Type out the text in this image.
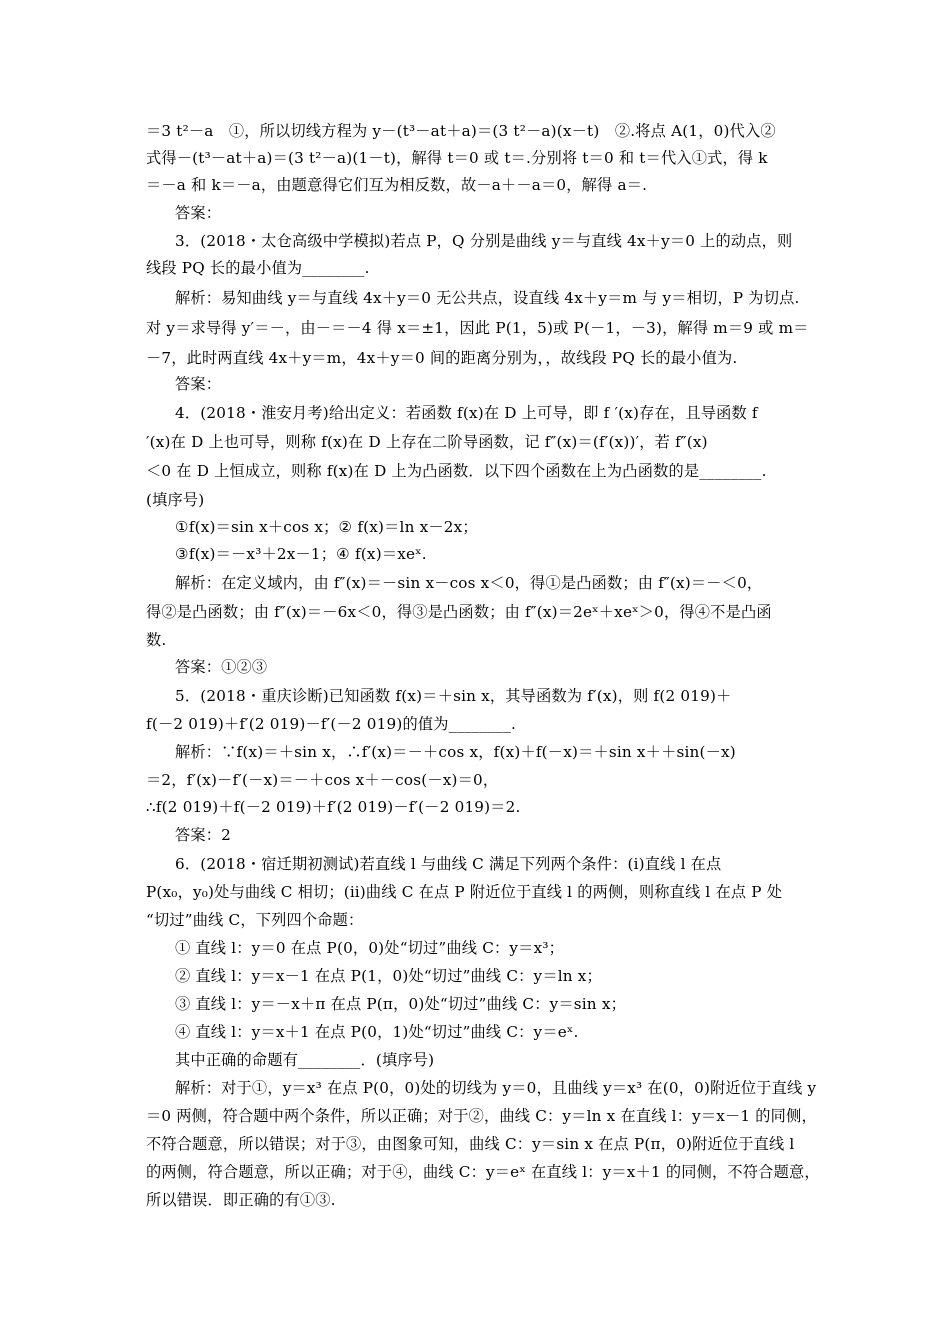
＝3 t²－a　①，所以切线方程为 y－(t³－at＋a)＝(3 t²－a)(x－t)　②.将点 A(1，0)代入②
式得－(t³－at＋a)＝(3 t²－a)(1－t)，解得 t＝0 或 t＝.分别将 t＝0 和 t＝代入①式，得 k
＝－a 和 k＝－a，由题意得它们互为相反数，故－a＋－a＝0，解得 a＝.
答案：
3．(2018・太仓高级中学模拟)若点 P，Q 分别是曲线 y＝与直线 4x＋y＝0 上的动点，则
线段 PQ 长的最小值为________.
解析：易知曲线 y＝与直线 4x＋y＝0 无公共点，设直线 4x＋y＝m 与 y＝相切，P 为切点.
对 y＝求导得 y′＝－，由－＝－4 得 x＝±1，因此 P(1，5)或 P(－1，－3)，解得 m＝9 或 m＝
－7，此时两直线 4x＋y＝m，4x＋y＝0 间的距离分别为，，故线段 PQ 长的最小值为.
答案：
4．(2018・淮安月考)给出定义：若函数 f(x)在 D 上可导，即 f ′(x)存在，且导函数 f
′(x)在 D 上也可导，则称 f(x)在 D 上存在二阶导函数，记 f″(x)＝(f′(x))′，若 f″(x)
＜0 在 D 上恒成立，则称 f(x)在 D 上为凸函数．以下四个函数在上为凸函数的是________.
(填序号)
①f(x)＝sin x＋cos x；② f(x)＝ln x－2x；
③f(x)＝－x³＋2x－1；④ f(x)＝xeˣ.
解析：在定义域内，由 f″(x)＝－sin x－cos x＜0，得①是凸函数；由 f″(x)＝－＜0，
得②是凸函数；由 f″(x)＝－6x＜0，得③是凸函数；由 f″(x)＝2eˣ＋xeˣ＞0，得④不是凸函
数.
答案：①②③
5．(2018・重庆诊断)已知函数 f(x)＝＋sin x，其导函数为 f′(x)，则 f(2 019)＋
f(－2 019)＋f′(2 019)－f′(－2 019)的值为________.
解析：∵f(x)＝＋sin x，∴f′(x)＝－＋cos x，f(x)＋f(－x)＝＋sin x＋＋sin(－x)
＝2，f′(x)－f′(－x)＝－＋cos x＋－cos(－x)＝0，
∴f(2 019)＋f(－2 019)＋f′(2 019)－f′(－2 019)＝2.
答案：2
6．(2018・宿迁期初测试)若直线 l 与曲线 C 满足下列两个条件：(ⅰ)直线 l 在点
P(x₀，y₀)处与曲线 C 相切；(ⅱ)曲线 C 在点 P 附近位于直线 l 的两侧，则称直线 l 在点 P 处
“切过”曲线 C，下列四个命题：
① 直线 l：y＝0 在点 P(0，0)处“切过”曲线 C：y＝x³；
② 直线 l：y＝x－1 在点 P(1，0)处“切过”曲线 C：y＝ln x；
③ 直线 l：y＝－x＋π 在点 P(π，0)处“切过”曲线 C：y＝sin x；
④ 直线 l：y＝x＋1 在点 P(0，1)处“切过”曲线 C：y＝eˣ.
其中正确的命题有________．(填序号)
解析：对于①，y＝x³ 在点 P(0，0)处的切线为 y＝0，且曲线 y＝x³ 在(0，0)附近位于直线 y
＝0 两侧，符合题中两个条件，所以正确；对于②，曲线 C：y＝ln x 在直线 l：y＝x－1 的同侧，
不符合题意，所以错误；对于③，由图象可知，曲线 C：y＝sin x 在点 P(π，0)附近位于直线 l
的两侧，符合题意，所以正确；对于④，曲线 C：y＝eˣ 在直线 l：y＝x＋1 的同侧，不符合题意，
所以错误．即正确的有①③.
